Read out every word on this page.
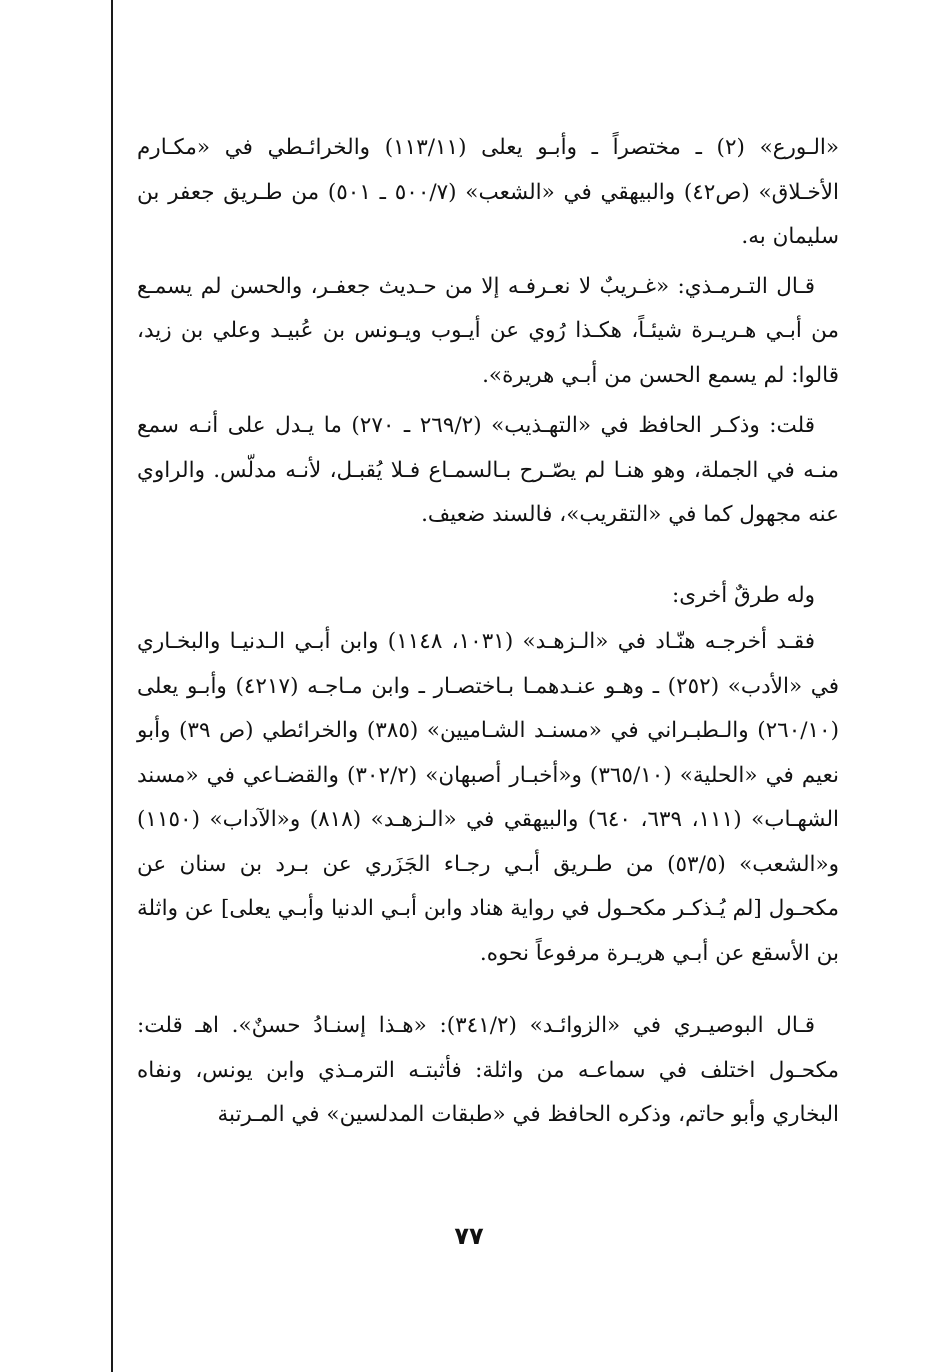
«الـورع» (٢) ـ مختصراً ـ وأبـو يعلى (١١٣/١١) والخرائـطي في «مكـارم الأخـلاق» (ص٤٢) والبيهقي في «الشعب» (٥٠٠/٧ ـ ٥٠١) من طـريق جعفر بن سليمان به.

قـال التـرمـذي: «غـريبٌ لا نعـرفـه إلا من حـديث جعفـر، والحسن لم يسمـع من أبـي هـريـرة شيئـاً، هكـذا رُوي عن أيـوب ويـونس بن عُبيـد وعلي بن زيد، قالوا: لم يسمع الحسن من أبـي هريرة».

قلت: وذكـر الحافظ في «التهـذيب» (٢٦٩/٢ ـ ٢٧٠) ما يـدل على أنـه سمع منـه في الجملة، وهو هنـا لم يصّـرح بـالسمـاع فـلا يُقبـل، لأنـه مدلّس. والراوي عنه مجهول كما في «التقريب»، فالسند ضعيف.

وله طرقٌ أخرى:

فقـد أخرجـه هنّـاد في «الـزهـد» (١٠٣١، ١١٤٨) وابن أبـي الـدنيـا والبخـاري في «الأدب» (٢٥٢) ـ وهـو عنـدهمـا بـاختصـار ـ وابن مـاجـه (٤٢١٧) وأبـو يعلى (٢٦٠/١٠) والـطبـراني في «مسنـد الشـاميين» (٣٨٥) والخرائطي (ص ٣٩) وأبو نعيم في «الحلية» (٣٦٥/١٠) و«أخبـار أصبهان» (٣٠٢/٢) والقضـاعي في «مسند الشهـاب» (١١١، ٦٣٩، ٦٤٠) والبيهقي في «الـزهـد» (٨١٨) و«الآداب» (١١٥٠) و«الشعب» (٥٣/٥) من طـريق أبـي رجـاء الجَزَري عن بـرد بن سنان عن مكحـول [لم يُـذكـر مكحـول في رواية هناد وابن أبـي الدنيا وأبـي يعلى] عن واثلة بن الأسقع عن أبـي هريـرة مرفوعاً نحوه.

قـال البوصيـري في «الزوائـد» (٣٤١/٢): «هـذا إسنـادُ حسنٌ». اهـ قلت: مكحـول اختلف في سماعـه من واثلة: فأثبتـه الترمـذي وابن يونس، ونفاه البخاري وأبو حاتم، وذكره الحافظ في «طبقات المدلسين» في المـرتبة

٧٧
